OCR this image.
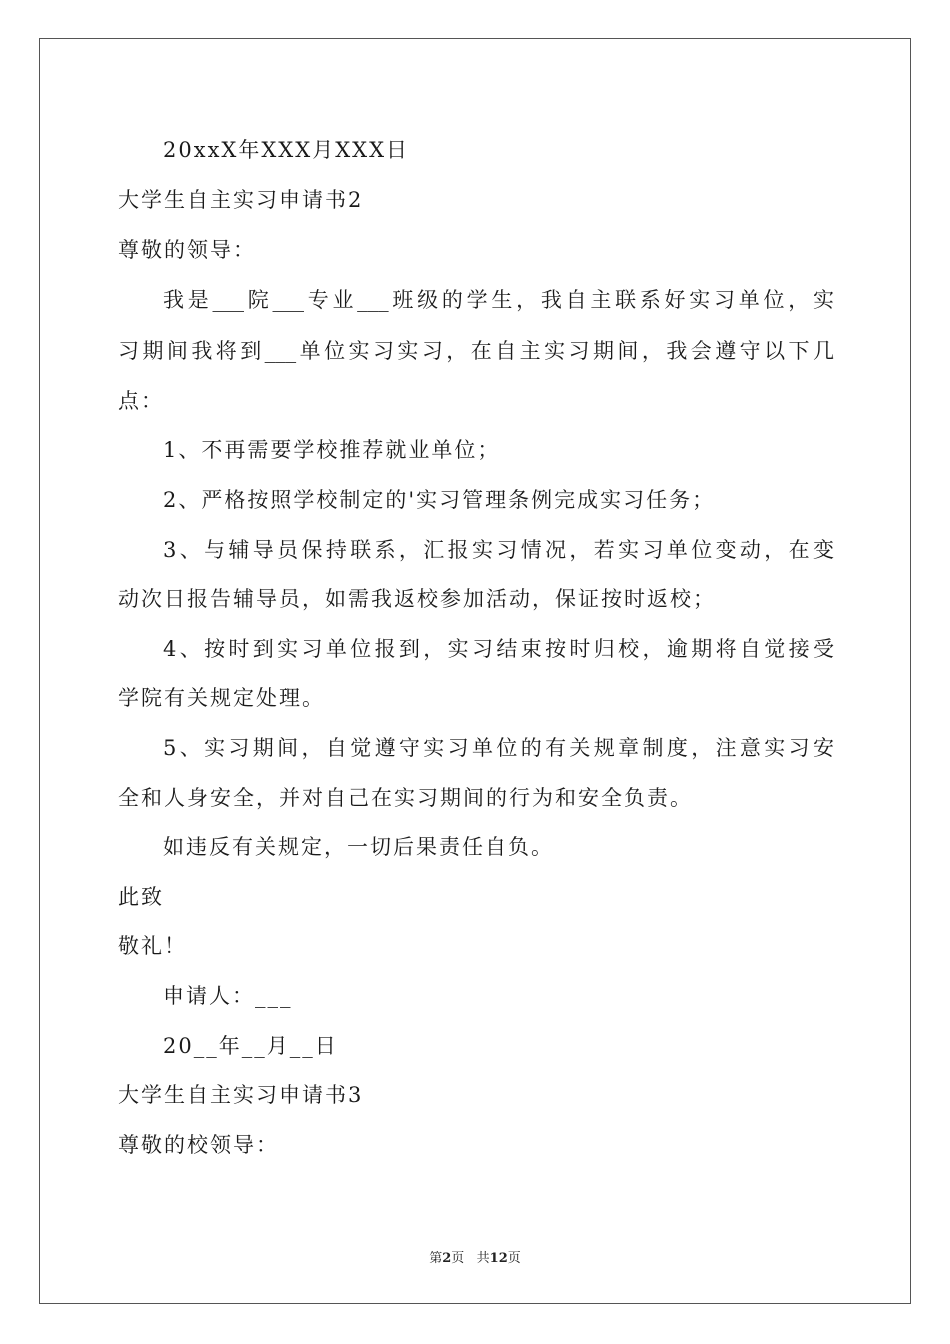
20xxX年XXX月XXX日
大学生自主实习申请书2
尊敬的领导：
我是___院___专业___班级的学生，我自主联系好实习单位，实
习期间我将到___单位实习实习，在自主实习期间，我会遵守以下几
点：
1、不再需要学校推荐就业单位；
2、严格按照学校制定的'实习管理条例完成实习任务；
3、与辅导员保持联系，汇报实习情况，若实习单位变动，在变
动次日报告辅导员，如需我返校参加活动，保证按时返校；
4、按时到实习单位报到，实习结束按时归校，逾期将自觉接受
学院有关规定处理。
5、实习期间，自觉遵守实习单位的有关规章制度，注意实习安
全和人身安全，并对自己在实习期间的行为和安全负责。
如违反有关规定，一切后果责任自负。
此致
敬礼！
申请人：___
20__年__月__日
大学生自主实习申请书3
尊敬的校领导：
第2页   共12页
